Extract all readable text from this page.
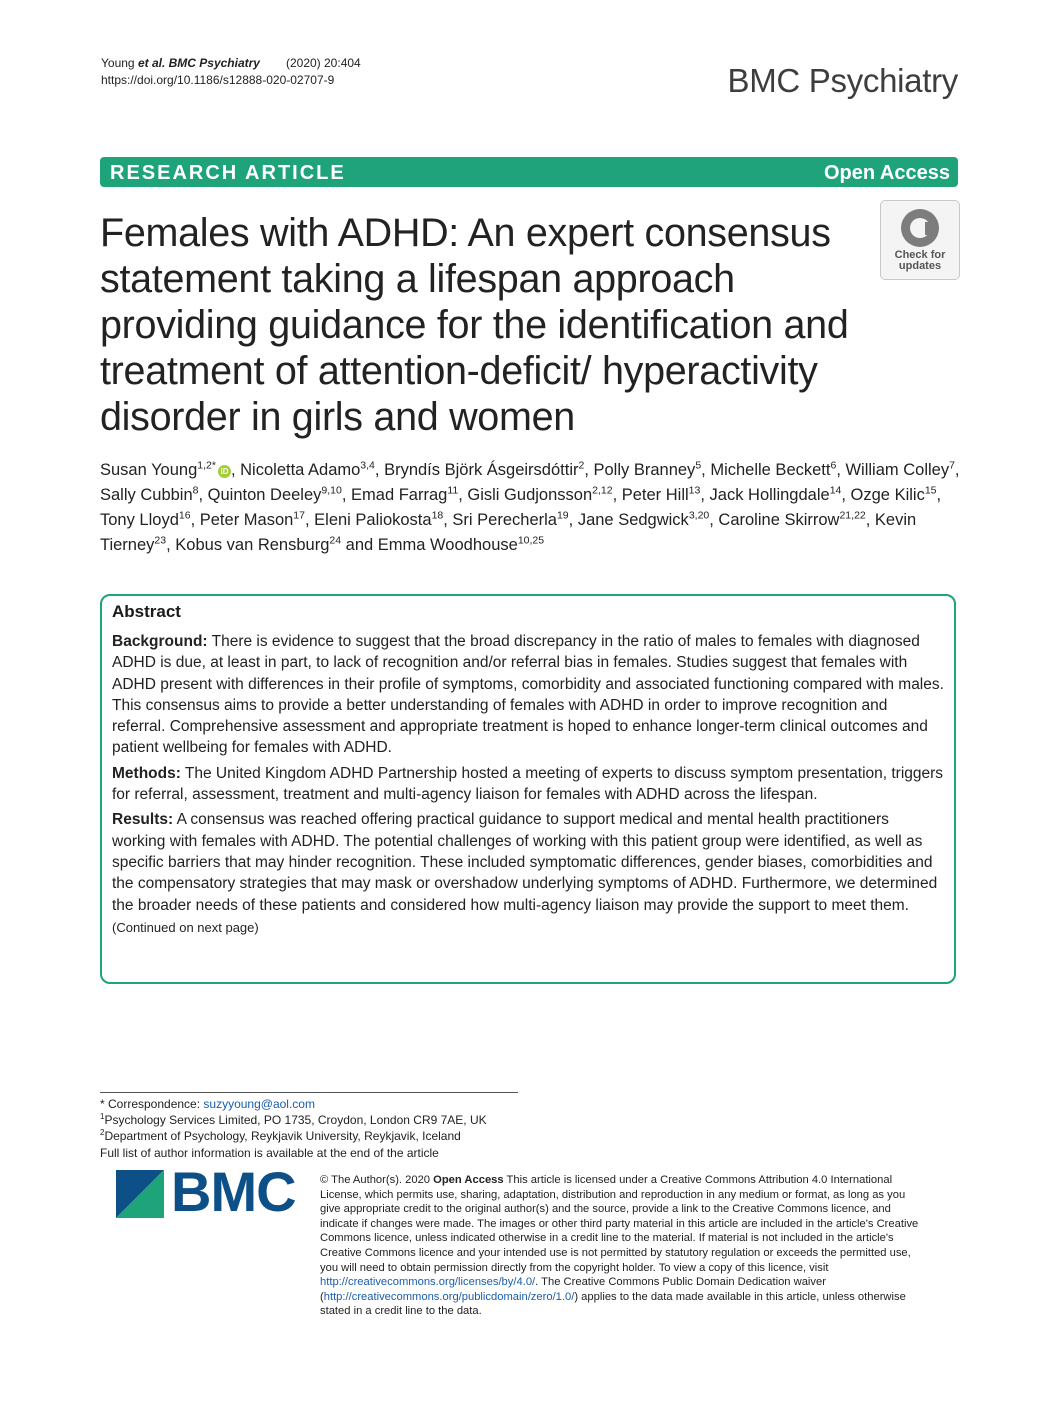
Young et al. BMC Psychiatry (2020) 20:404
https://doi.org/10.1186/s12888-020-02707-9	BMC Psychiatry
RESEARCH ARTICLE	Open Access
Females with ADHD: An expert consensus statement taking a lifespan approach providing guidance for the identification and treatment of attention-deficit/ hyperactivity disorder in girls and women
Check for
updates
Susan Young$^{1,2*}$ iD , Nicoletta Adamo$^{3,4}$, Bryndís Björk Ásgeirsdóttir$^2$, Polly Branney$^5$, Michelle Beckett$^6$, William Colley$^7$, Sally Cubbin$^8$, Quinton Deeley$^{9,10}$, Emad Farrag$^{11}$, Gisli Gudjonsson$^{2,12}$, Peter Hill$^{13}$, Jack Hollingdale$^{14}$, Ozge Kilic$^{15}$, Tony Lloyd$^{16}$, Peter Mason$^{17}$, Eleni Paliokosta$^{18}$, Sri Perecherla$^{19}$, Jane Sedgwick$^{3,20}$, Caroline Skirrow$^{21,22}$, Kevin Tierney$^{23}$, Kobus van Rensburg$^{24}$ and Emma Woodhouse$^{10,25}$
Abstract

Background: There is evidence to suggest that the broad discrepancy in the ratio of males to females with diagnosed ADHD is due, at least in part, to lack of recognition and/or referral bias in females. Studies suggest that females with ADHD present with differences in their profile of symptoms, comorbidity and associated functioning compared with males. This consensus aims to provide a better understanding of females with ADHD in order to improve recognition and referral. Comprehensive assessment and appropriate treatment is hoped to enhance longer-term clinical outcomes and patient wellbeing for females with ADHD.

Methods: The United Kingdom ADHD Partnership hosted a meeting of experts to discuss symptom presentation, triggers for referral, assessment, treatment and multi-agency liaison for females with ADHD across the lifespan.

Results: A consensus was reached offering practical guidance to support medical and mental health practitioners working with females with ADHD. The potential challenges of working with this patient group were identified, as well as specific barriers that may hinder recognition. These included symptomatic differences, gender biases, comorbidities and the compensatory strategies that may mask or overshadow underlying symptoms of ADHD. Furthermore, we determined the broader needs of these patients and considered how multi-agency liaison may provide the support to meet them.

(Continued on next page)
* Correspondence: suzyyoung@aol.com
$^1$Psychology Services Limited, PO 1735, Croydon, London CR9 7AE, UK
$^2$Department of Psychology, Reykjavik University, Reykjavik, Iceland
Full list of author information is available at the end of the article
BMC © The Author(s). 2020 Open Access This article is licensed under a Creative Commons Attribution 4.0 International License, which permits use, sharing, adaptation, distribution and reproduction in any medium or format, as long as you give appropriate credit to the original author(s) and the source, provide a link to the Creative Commons licence, and indicate if changes were made. The images or other third party material in this article are included in the article's Creative Commons licence, unless indicated otherwise in a credit line to the material. If material is not included in the article's Creative Commons licence and your intended use is not permitted by statutory regulation or exceeds the permitted use, you will need to obtain permission directly from the copyright holder. To view a copy of this licence, visit http://creativecommons.org/licenses/by/4.0/. The Creative Commons Public Domain Dedication waiver (http://creativecommons.org/publicdomain/zero/1.0/) applies to the data made available in this article, unless otherwise stated in a credit line to the data.
